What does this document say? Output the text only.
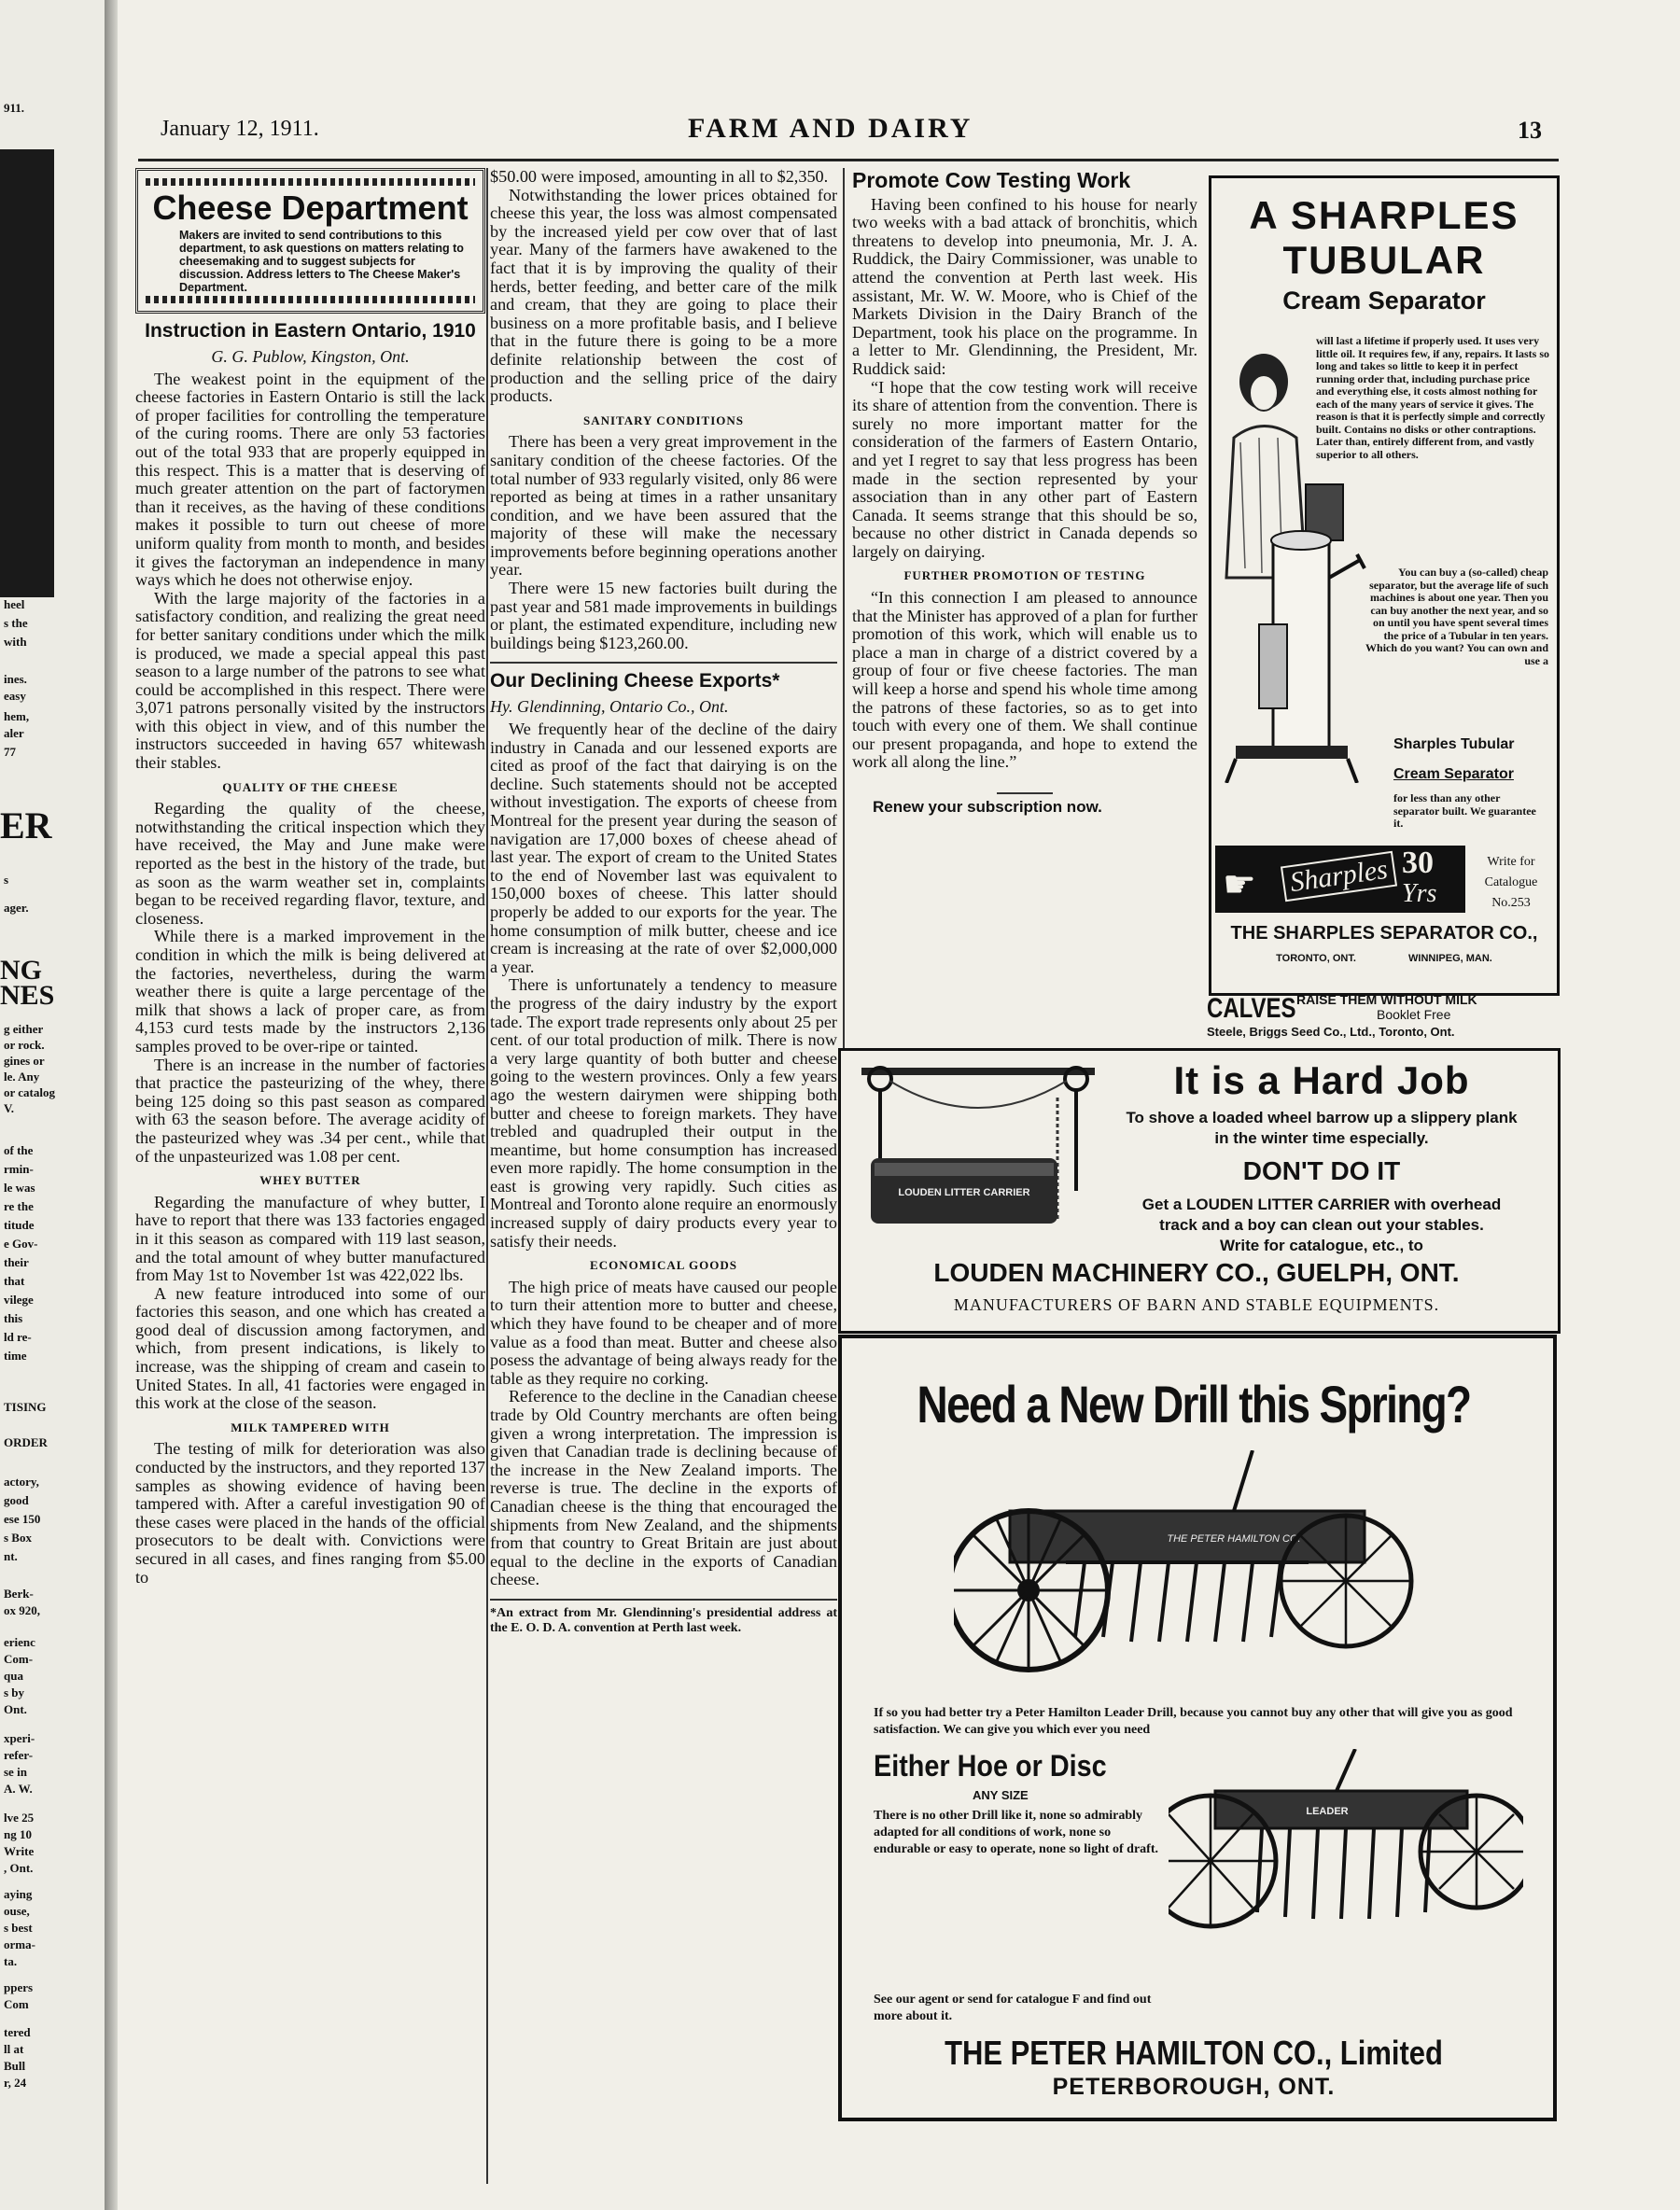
911.
heel
s the
with
ines.
easy
hem,
aler
77
ER
s
ager.
NG
NES
g either
or rock.
gines or
le. Any
or catalog
V.
of the
rmin-
le was
re the
titude
e Gov-
their
that
vilege
this
ld re-
time
TISING
ORDER
actory,
good
ese 150
s Box
nt.
Berk-
ox 920,
erienc
Com-
qua
s by
Ont.
xperi-
refer-
se in
A. W.
lve 25
ng 10
Write
, Ont.
aying
ouse,
s best
orma-
ta.
ppers
Com
tered
ll at
Bull
r, 24
January 12, 1911.	FARM AND DAIRY	13
Cheese Department
Makers are invited to send contributions to this department, to ask questions on matters relating to cheesemaking and to suggest subjects for discussion. Address letters to The Cheese Maker's Department.
Instruction in Eastern Ontario, 1910
G. G. Publow, Kingston, Ont.

The weakest point in the equipment of the cheese factories in Eastern Ontario is still the lack of proper facilities for controlling the temperature of the curing rooms. There are only 53 factories out of the total 933 that are properly equipped in this respect. This is a matter that is deserving of much greater attention on the part of factorymen than it receives, as the having of these conditions makes it possible to turn out cheese of more uniform quality from month to month, and besides it gives the factoryman an independence in many ways which he does not otherwise enjoy.

With the large majority of the factories in a satisfactory condition, and realizing the great need for better sanitary conditions under which the milk is produced, we made a special appeal this past season to a large number of the patrons to see what could be accomplished in this respect. There were 3,071 patrons personally visited by the instructors with this object in view, and of this number the instructors succeeded in having 657 whitewash their stables.

QUALITY OF THE CHEESE

Regarding the quality of the cheese, notwithstanding the critical inspection which they have received, the May and June make were reported as the best in the history of the trade, but as soon as the warm weather set in, complaints began to be received regarding flavor, texture, and closeness.

While there is a marked improvement in the condition in which the milk is being delivered at the factories, nevertheless, during the warm weather there is quite a large percentage of the milk that shows a lack of proper care, as from 4,153 curd tests made by the instructors 2,136 samples proved to be over-ripe or tainted.

There is an increase in the number of factories that practice the pasteurizing of the whey, there being 125 doing so this past season as compared with 63 the season before. The average acidity of the pasteurized whey was .34 per cent., while that of the unpasteurized was 1.08 per cent.

WHEY BUTTER

Regarding the manufacture of whey butter, I have to report that there was 133 factories engaged in it this season as compared with 119 last season, and the total amount of whey butter manufactured from May 1st to November 1st was 422,022 lbs.

A new feature introduced into some of our factories this season, and one which has created a good deal of discussion among factorymen, and which, from present indications, is likely to increase, was the shipping of cream and casein to United States. In all, 41 factories were engaged in this work at the close of the season.

MILK TAMPERED WITH

The testing of milk for deterioration was also conducted by the instructors, and they reported 137 samples as showing evidence of having been tampered with. After a careful investigation 90 of these cases were placed in the hands of the official prosecutors to be dealt with. Convictions were secured in all cases, and fines ranging from $5.00 to

$50.00 were imposed, amounting in all to $2,350.

Notwithstanding the lower prices obtained for cheese this year, the loss was almost compensated by the increased yield per cow over that of last year. Many of the farmers have awakened to the fact that it is by improving the quality of their herds, better feeding, and better care of the milk and cream, that they are going to place their business on a more profitable basis, and I believe that in the future there is going to be a more definite relationship between the cost of production and the selling price of the dairy products.

SANITARY CONDITIONS

There has been a very great improvement in the sanitary condition of the cheese factories. Of the total number of 933 regularly visited, only 86 were reported as being at times in a rather unsanitary condition, and we have been assured that the majority of these will make the necessary improvements before beginning operations another year.

There were 15 new factories built during the past year and 581 made improvements in buildings or plant, the estimated expenditure, including new buildings being $123,260.00.

Our Declining Cheese Exports*
Hy. Glendinning, Ontario Co., Ont.

We frequently hear of the decline of the dairy industry in Canada and our lessened exports are cited as proof of the fact that dairying is on the decline. Such statements should not be accepted without investigation. The exports of cheese from Montreal for the present year during the season of navigation are 17,000 boxes of cheese ahead of last year. The export of cream to the United States to the end of November last was equivalent to 150,000 boxes of cheese. This latter should properly be added to our exports for the year. The home consumption of milk butter, cheese and ice cream is increasing at the rate of over $2,000,000 a year.

There is unfortunately a tendency to measure the progress of the dairy industry by the export tade. The export trade represents only about 25 per cent. of our total production of milk. There is now a very large quantity of both butter and cheese going to the western provinces. Only a few years ago the western dairymen were shipping both butter and cheese to foreign markets. They have trebled and quadrupled their output in the meantime, but home consumption has increased even more rapidly. The home consumption in the east is growing very rapidly. Such cities as Montreal and Toronto alone require an enormously increased supply of dairy products every year to satisfy their needs.

ECONOMICAL GOODS

The high price of meats have caused our people to turn their attention more to butter and cheese, which they have found to be cheaper and of more value as a food than meat. Butter and cheese also posess the advantage of being always ready for the table as they require no corking.

Reference to the decline in the Canadian cheese trade by Old Country merchants are often being given a wrong interpretation. The impression is given that Canadian trade is declining because of the increase in the New Zealand imports. The reverse is true. The decline in the exports of Canadian cheese is the thing that encouraged the shipments from New Zealand, and the shipments from that country to Great Britain are just about equal to the decline in the exports of Canadian cheese.

*An extract from Mr. Glendinning's presidential address at the E. O. D. A. convention at Perth last week.
Promote Cow Testing Work

Having been confined to his house for nearly two weeks with a bad attack of bronchitis, which threatens to develop into pneumonia, Mr. J. A. Ruddick, the Dairy Commissioner, was unable to attend the convention at Perth last week. His assistant, Mr. W. W. Moore, who is Chief of the Markets Division in the Dairy Branch of the Department, took his place on the programme. In a letter to Mr. Glendinning, the President, Mr. Ruddick said:

“I hope that the cow testing work will receive its share of attention from the convention. There is surely no more important matter for the consideration of the farmers of Eastern Ontario, and yet I regret to say that less progress has been made in the section represented by your association than in any other part of Eastern Canada. It seems strange that this should be so, because no other district in Canada depends so largely on dairying.

FURTHER PROMOTION OF TESTING

“In this connection I am pleased to announce that the Minister has approved of a plan for further promotion of this work, which will enable us to place a man in charge of a district covered by a group of four or five cheese factories. The man will keep a horse and spend his whole time among the patrons of these factories, so as to get into touch with every one of them. We shall continue our present propaganda, and hope to extend the work all along the line.”

Renew your subscription now.
A SHARPLES
TUBULAR
Cream Separator
will last a lifetime if properly used. It uses very little oil. It requires few, if any, repairs. It lasts so long and takes so little to keep it in perfect running order that, including purchase price and everything else, it costs almost nothing for each of the many years of service it gives. The reason is that it is perfectly simple and correctly built. Contains no disks or other contraptions. Later than, entirely different from, and vastly superior to all others.
You can buy a (so-called) cheap separator, but the average life of such machines is about one year. Then you can buy another the next year, and so on until you have spent several times the price of a Tubular in ten years. Which do you want? You can own and use a
Sharples Tubular
Cream Separator
for less than any other separator built. We guarantee it.
☛ Sharples 30
Yrs
Write for
Catalogue
No.253
THE SHARPLES SEPARATOR CO.,
TORONTO, ONT.	WINNIPEG, MAN.
CALVES RAISE THEM WITHOUT MILK
Booklet Free
Steele, Briggs Seed Co., Ltd., Toronto, Ont.
LOUDEN LITTER CARRIER
It is a Hard Job
To shove a loaded wheel barrow up a slippery plank
in the winter time especially.
DON'T DO IT
Get a LOUDEN LITTER CARRIER with overhead
track and a boy can clean out your stables.
Write for catalogue, etc., to
LOUDEN MACHINERY CO., GUELPH, ONT.
MANUFACTURERS OF BARN AND STABLE EQUIPMENTS.
Need a New Drill this Spring?
THE PETER HAMILTON CO.
If so you had better try a Peter Hamilton Leader Drill, because you cannot buy any other that will give you as good satisfaction. We can give you which ever you need
Either Hoe or Disc
ANY SIZE
There is no other Drill like it, none so admirably adapted for all conditions of work, none so endurable or easy to operate, none so light of draft.
LEADER
See our agent or send for catalogue F and find out more about it.
THE PETER HAMILTON CO., Limited
PETERBOROUGH, ONT.
